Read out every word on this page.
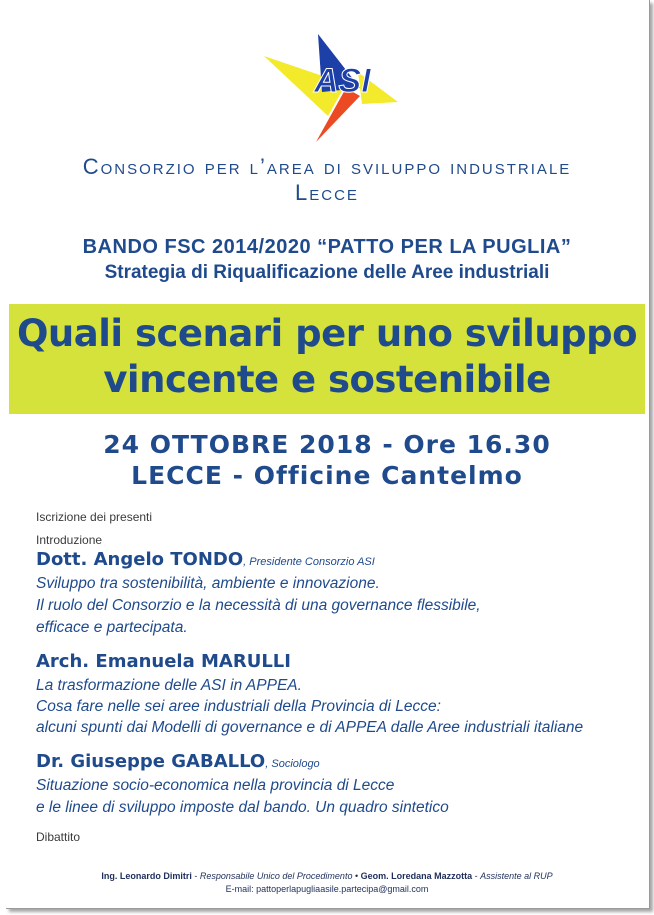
ASI
Consorzio per l’area di sviluppo industriale
Lecce
BANDO FSC 2014/2020 “PATTO PER LA PUGLIA”
Strategia di Riqualificazione delle Aree industriali
Quali scenari per uno sviluppo
vincente e sostenibile
24 OTTOBRE 2018 - Ore 16.30
LECCE - Officine Cantelmo
Iscrizione dei presenti
Introduzione
Dott. Angelo TONDO, Presidente Consorzio ASI
Sviluppo tra sostenibilità, ambiente e innovazione.
Il ruolo del Consorzio e la necessità di una governance flessibile,
efficace e partecipata.
Arch. Emanuela MARULLI
La trasformazione delle ASI in APPEA.
Cosa fare nelle sei aree industriali della Provincia di Lecce:
alcuni spunti dai Modelli di governance e di APPEA dalle Aree industriali italiane
Dr. Giuseppe GABALLO, Sociologo
Situazione socio-economica nella provincia di Lecce
e le linee di sviluppo imposte dal bando. Un quadro sintetico
Dibattito
Ing. Leonardo Dimitri - Responsabile Unico del Procedimento • Geom. Loredana Mazzotta - Assistente al RUP
E-mail: pattoperlapugliaasile.partecipa@gmail.com
